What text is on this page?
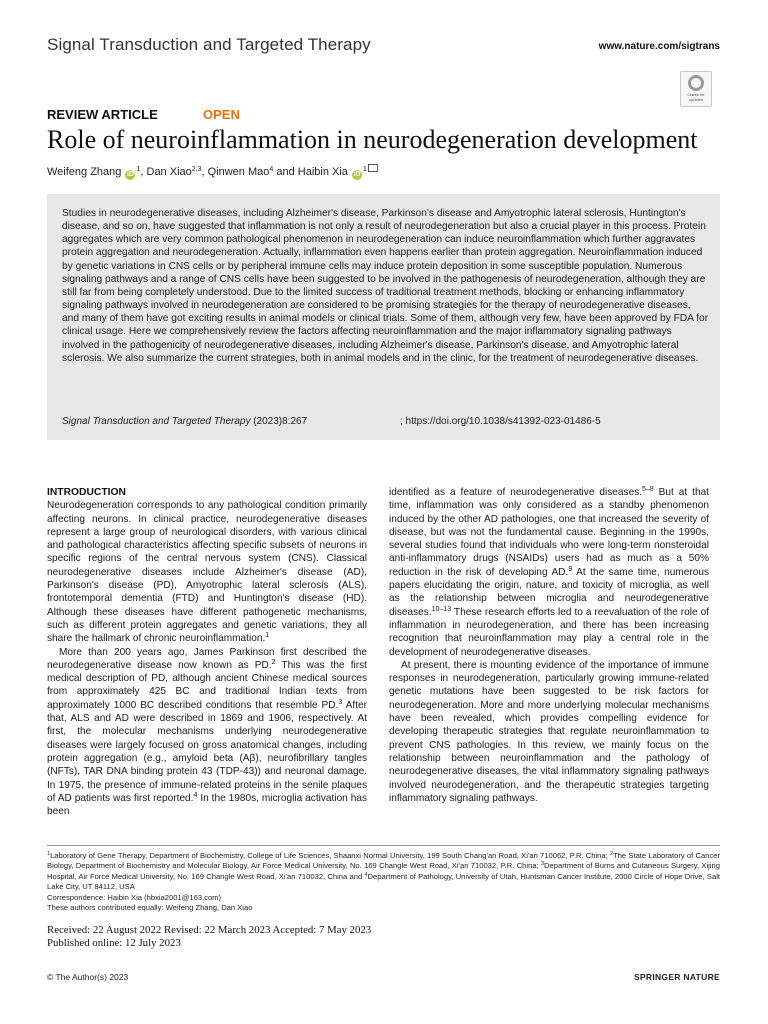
Signal Transduction and Targeted Therapy	www.nature.com/sigtrans
Check for updates
REVIEW ARTICLE	OPEN
Role of neuroinflammation in neurodegeneration development
Weifeng Zhang $iD^1$, Dan Xiao$^{2,3}$, Qinwen Mao$^4$ and Haibin Xia $iD^1$
Studies in neurodegenerative diseases, including Alzheimer's disease, Parkinson's disease and Amyotrophic lateral sclerosis, Huntington's disease, and so on, have suggested that inflammation is not only a result of neurodegeneration but also a crucial player in this process. Protein aggregates which are very common pathological phenomenon in neurodegeneration can induce neuroinflammation which further aggravates protein aggregation and neurodegeneration. Actually, inflammation even happens earlier than protein aggregation. Neuroinflammation induced by genetic variations in CNS cells or by peripheral immune cells may induce protein deposition in some susceptible population. Numerous signaling pathways and a range of CNS cells have been suggested to be involved in the pathogenesis of neurodegeneration, although they are still far from being completely understood. Due to the limited success of traditional treatment methods, blocking or enhancing inflammatory signaling pathways involved in neurodegeneration are considered to be promising strategies for the therapy of neurodegenerative diseases, and many of them have got exciting results in animal models or clinical trials. Some of them, although very few, have been approved by FDA for clinical usage. Here we comprehensively review the factors affecting neuroinflammation and the major inflammatory signaling pathways involved in the pathogenicity of neurodegenerative diseases, including Alzheimer's disease, Parkinson's disease, and Amyotrophic lateral sclerosis. We also summarize the current strategies, both in animal models and in the clinic, for the treatment of neurodegenerative diseases.
Signal Transduction and Targeted Therapy (2023)8:267	; https://doi.org/10.1038/s41392-023-01486-5
INTRODUCTION

Neurodegeneration corresponds to any pathological condition primarily affecting neurons. In clinical practice, neurodegenerative diseases represent a large group of neurological disorders, with various clinical and pathological characteristics affecting specific subsets of neurons in specific regions of the central nervous system (CNS). Classical neurodegenerative diseases include Alzheimer's disease (AD), Parkinson's disease (PD), Amyotrophic lateral sclerosis (ALS), frontotemporal dementia (FTD) and Huntington's disease (HD). Although these diseases have different pathogenetic mechanisms, such as different protein aggregates and genetic variations, they all share the hallmark of chronic neuroinflammation.$^1$

More than 200 years ago, James Parkinson first described the neurodegenerative disease now known as PD.$^2$ This was the first medical description of PD, although ancient Chinese medical sources from approximately 425 BC and traditional Indian texts from approximately 1000 BC described conditions that resemble PD.$^3$ After that, ALS and AD were described in 1869 and 1906, respectively. At first, the molecular mechanisms underlying neurodegenerative diseases were largely focused on gross anatomical changes, including protein aggregation (e.g., amyloid beta (Aβ), neurofibrillary tangles (NFTs), TAR DNA binding protein 43 (TDP-43)) and neuronal damage. In 1975, the presence of immune-related proteins in the senile plaques of AD patients was first reported.$^4$ In the 1980s, microglia activation has been

identified as a feature of neurodegenerative diseases.$^{5-8}$ But at that time, inflammation was only considered as a standby phenomenon induced by the other AD pathologies, one that increased the severity of disease, but was not the fundamental cause. Beginning in the 1990s, several studies found that individuals who were long-term nonsteroidal anti-inflammatory drugs (NSAIDs) users had as much as a 50% reduction in the risk of developing AD.$^9$ At the same time, numerous papers elucidating the origin, nature, and toxicity of microglia, as well as the relationship between microglia and neurodegenerative diseases.$^{10-13}$ These research efforts led to a reevaluation of the role of inflammation in neurodegeneration, and there has been increasing recognition that neuroinflammation may play a central role in the development of neurodegenerative diseases.

At present, there is mounting evidence of the importance of immune responses in neurodegeneration, particularly growing immune-related genetic mutations have been suggested to be risk factors for neurodegeneration. More and more underlying molecular mechanisms have been revealed, which provides compelling evidence for developing therapeutic strategies that regulate neuroinflammation to prevent CNS pathologies. In this review, we mainly focus on the relationship between neuroinflammation and the pathology of neurodegenerative diseases, the vital inflammatory signaling pathways involved neurodegeneration, and the therapeutic strategies targeting inflammatory signaling pathways.

$^1$Laboratory of Gene Therapy, Department of Biochemistry, College of Life Sciences, Shaanxi Normal University, 199 South Chang'an Road, Xi'an 710062, P.R. China; $^2$The State Laboratory of Cancer Biology, Department of Biochemistry and Molecular Biology, Air Force Medical University, No. 169 Changle West Road, Xi'an 710032, P.R. China; $^3$Department of Burns and Cutaneous Surgery, Xijing Hospital, Air Force Medical University, No. 169 Changle West Road, Xi'an 710032, China and $^4$Department of Pathology, University of Utah, Huntsman Cancer Institute, 2000 Circle of Hope Drive, Salt Lake City, UT 84112, USA
Correspondence: Haibin Xia (hbxia2001@163.com)
These authors contributed equally: Weifeng Zhang, Dan Xiao
Received: 22 August 2022 Revised: 22 March 2023 Accepted: 7 May 2023
Published online: 12 July 2023
© The Author(s) 2023	SPRINGER NATURE
